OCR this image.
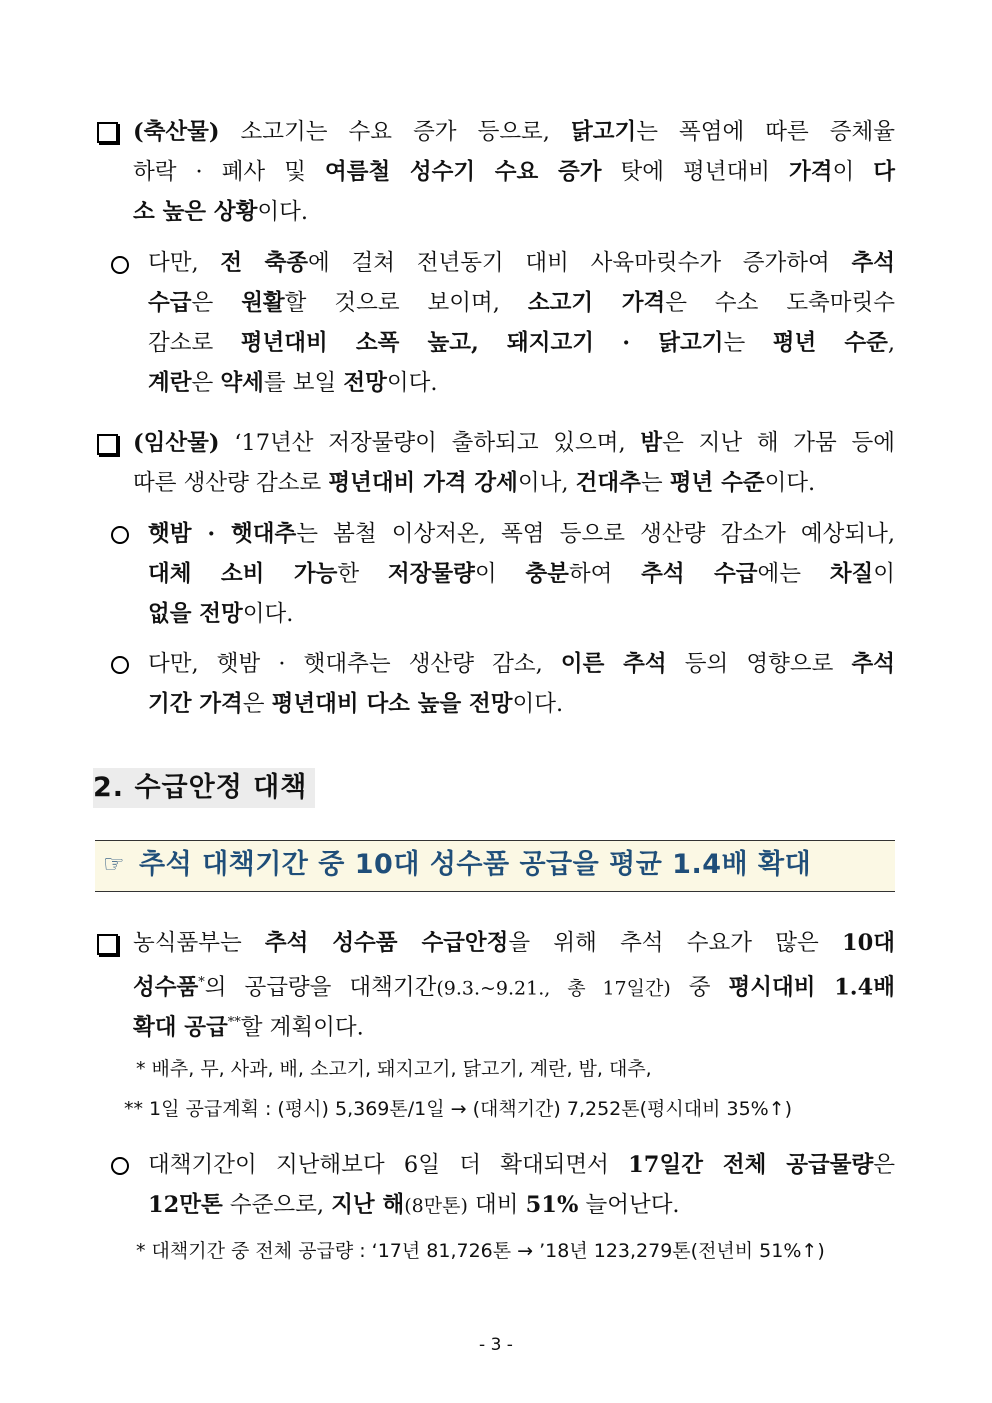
(축산물) 소고기는 수요 증가 등으로, 닭고기는 폭염에 따른 증체율
하락 · 폐사 및 여름철 성수기 수요 증가 탓에 평년대비 가격이 다
소 높은 상황이다.
다만, 전 축종에 걸쳐 전년동기 대비 사육마릿수가 증가하여 추석
수급은 원활할 것으로 보이며, 소고기 가격은 수소 도축마릿수
감소로 평년대비 소폭 높고, 돼지고기 · 닭고기는 평년 수준,
계란은 약세를 보일 전망이다.
(임산물) ‘17년산 저장물량이 출하되고 있으며, 밤은 지난 해 가뭄 등에
따른 생산량 감소로 평년대비 가격 강세이나, 건대추는 평년 수준이다.
햇밤 · 햇대추는 봄철 이상저온, 폭염 등으로 생산량 감소가 예상되나,
대체 소비 가능한 저장물량이 충분하여 추석 수급에는 차질이
없을 전망이다.
다만, 햇밤 · 햇대추는 생산량 감소, 이른 추석 등의 영향으로 추석
기간 가격은 평년대비 다소 높을 전망이다.
2. 수급안정 대책
☞ 추석 대책기간 중 10대 성수품 공급을 평균 1.4배 확대
농식품부는 추석 성수품 수급안정을 위해 추석 수요가 많은 10대
성수품*의 공급량을 대책기간(9.3.~9.21., 총 17일간) 중 평시대비 1.4배
확대 공급**할 계획이다.
* 배추, 무, 사과, 배, 소고기, 돼지고기, 닭고기, 계란, 밤, 대추,
** 1일 공급계획 : (평시) 5,369톤/1일 → (대책기간) 7,252톤(평시대비 35%↑)
대책기간이 지난해보다 6일 더 확대되면서 17일간 전체 공급물량은
12만톤 수준으로, 지난 해(8만톤) 대비 51% 늘어난다.
* 대책기간 중 전체 공급량 : ‘17년 81,726톤 → ’18년 123,279톤(전년비 51%↑)
- 3 -
